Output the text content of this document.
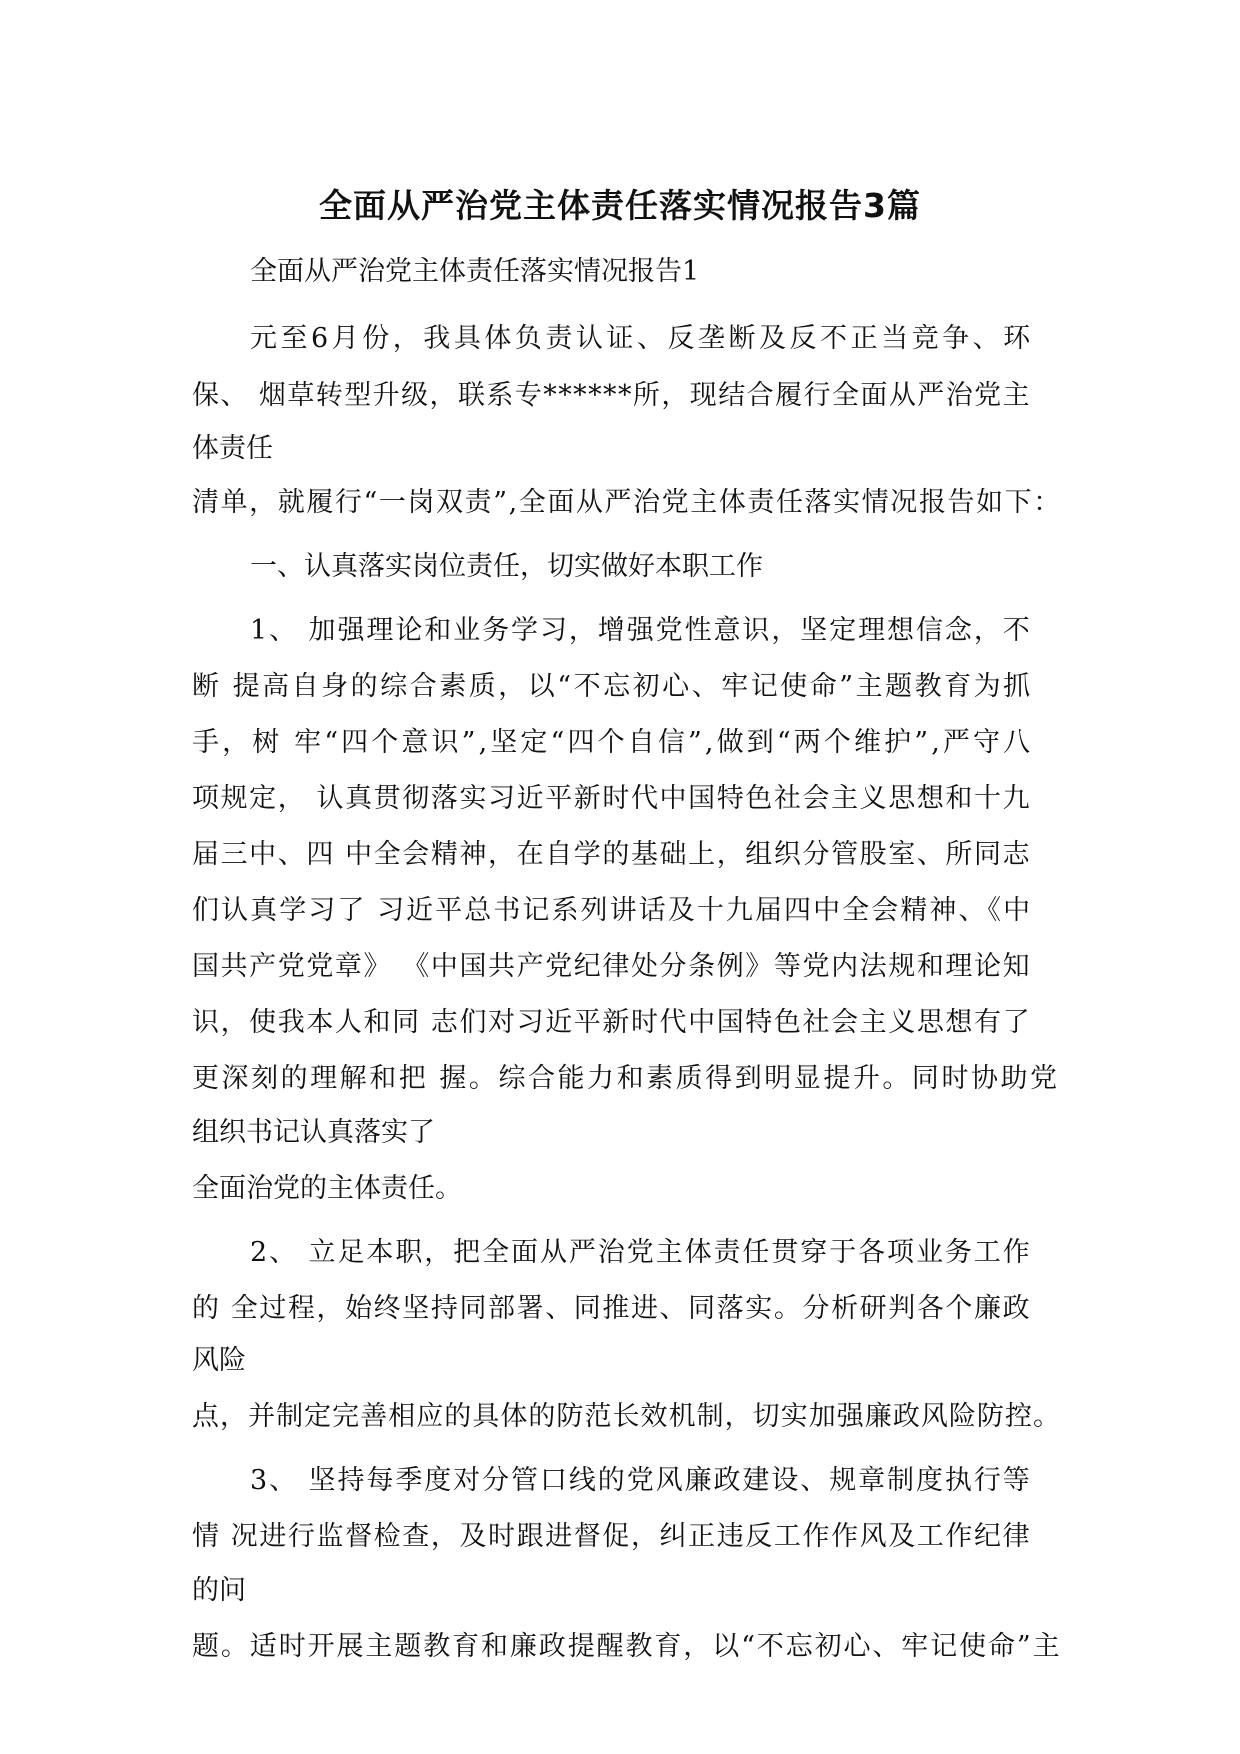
全面从严治党主体责任落实情况报告3篇
全面从严治党主体责任落实情况报告1
元至6月份，我具体负责认证、反垄断及反不正当竞争、环
保、 烟草转型升级，联系专******所，现结合履行全面从严治党主
体责任
清单，就履行“一岗双责”,全面从严治党主体责任落实情况报告如下：
一、认真落实岗位责任，切实做好本职工作
1、 加强理论和业务学习，增强党性意识，坚定理想信念，不
断 提高自身的综合素质，以“不忘初心、牢记使命”主题教育为抓
手，树 牢“四个意识”,坚定“四个自信”,做到“两个维护”,严守八
项规定， 认真贯彻落实习近平新时代中国特色社会主义思想和十九
届三中、四 中全会精神，在自学的基础上，组织分管股室、所同志
们认真学习了 习近平总书记系列讲话及十九届四中全会精神、《中
国共产党党章》 《中国共产党纪律处分条例》等党内法规和理论知
识，使我本人和同 志们对习近平新时代中国特色社会主义思想有了
更深刻的理解和把 握。综合能力和素质得到明显提升。同时协助党
组织书记认真落实了
全面治党的主体责任。
2、 立足本职，把全面从严治党主体责任贯穿于各项业务工作
的 全过程，始终坚持同部署、同推进、同落实。分析研判各个廉政
风险
点，并制定完善相应的具体的防范长效机制，切实加强廉政风险防控。
3、 坚持每季度对分管口线的党风廉政建设、规章制度执行等
情 况进行监督检查，及时跟进督促，纠正违反工作作风及工作纪律
的问
题。适时开展主题教育和廉政提醒教育，以“不忘初心、牢记使命”主
